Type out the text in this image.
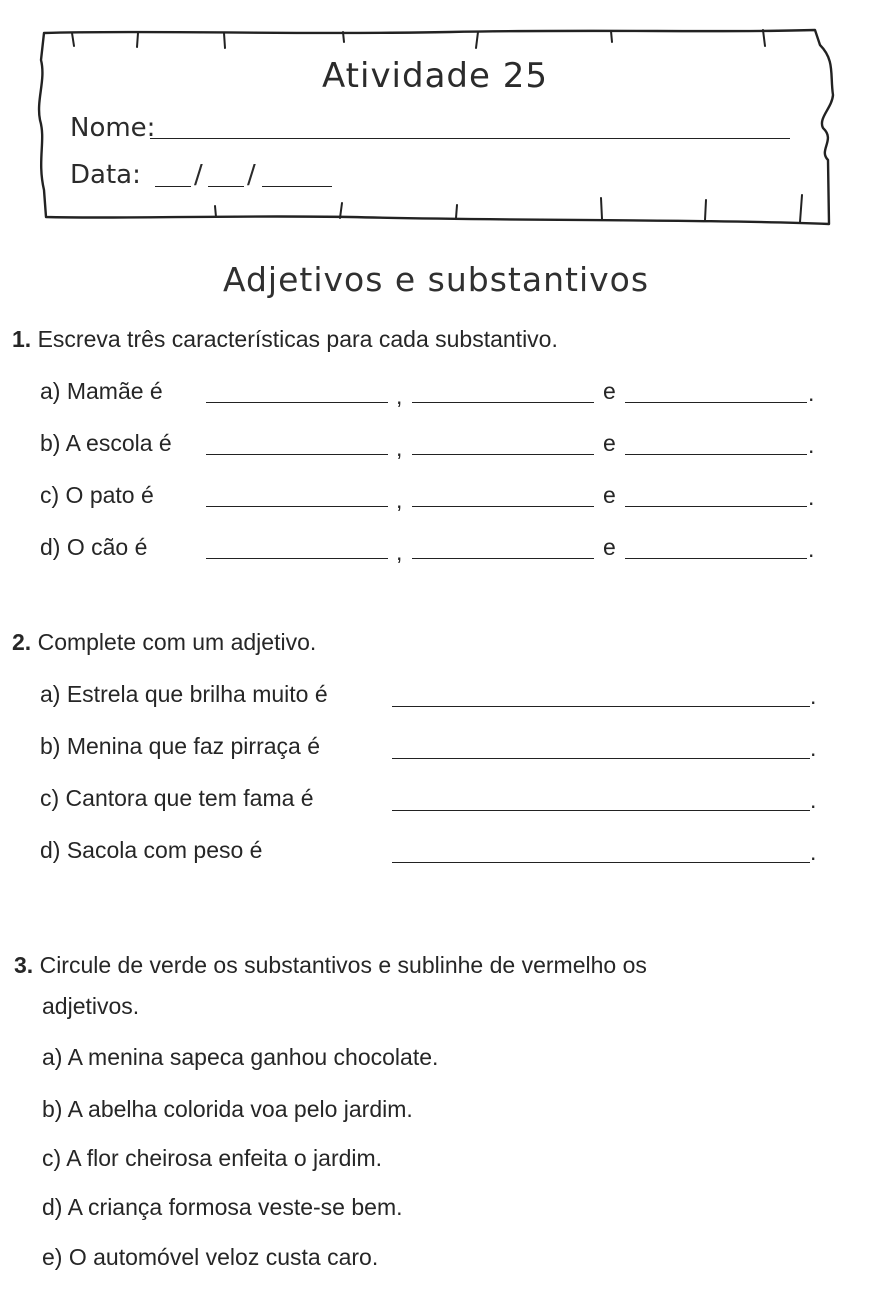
Atividade 25
Nome:
Data: / /
Adjetivos e substantivos
1. Escreva três características para cada substantivo.
a) Mamãe é	,	e	.
b) A escola é	,	e	.
c) O pato é	,	e	.
d) O cão é	,	e	.
2. Complete com um adjetivo.
a) Estrela que brilha muito é	.
b) Menina que faz pirraça é	.
c) Cantora que tem fama é	.
d) Sacola com peso é	.
3. Circule de verde os substantivos e sublinhe de vermelho os
adjetivos.
a) A menina sapeca ganhou chocolate.
b) A abelha colorida voa pelo jardim.
c) A flor cheirosa enfeita o jardim.
d) A criança formosa veste-se bem.
e) O automóvel veloz custa caro.
